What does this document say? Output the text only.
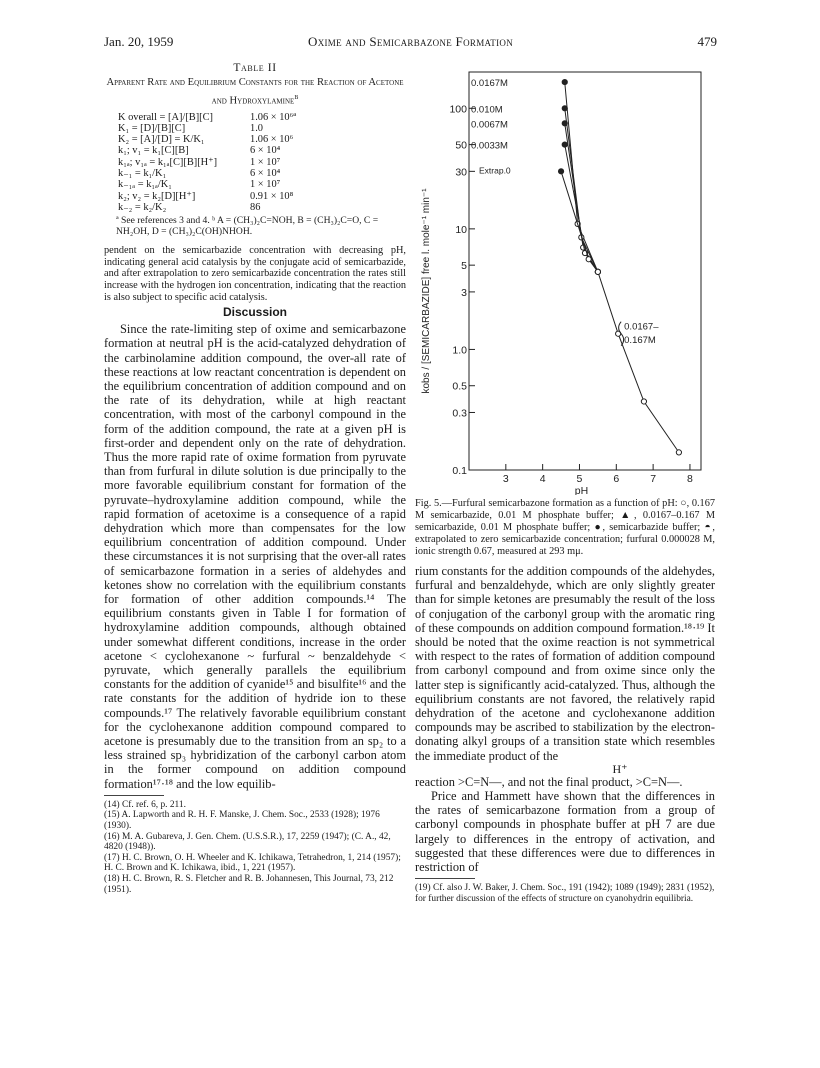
Jan. 20, 1959	Oxime and Semicarbazone Formation	479
Table II
Apparent Rate and Equilibrium Constants for the Reaction of Acetone and Hydroxylamine$^b$
K overall = [A]/[B][C]	1.06 × 10⁶ª
K₁ = [D]/[B][C]	1.0
K₂ = [A]/[D] = K/K₁	1.06 × 10⁶
k₁; v₁ = k₁[C][B]	6 × 10⁴
k₁ₐ; v₁ₐ = k₁ₐ[C][B][H⁺]	1 × 10⁷
k₋₁ = k₁/K₁	6 × 10⁴
k₋₁ₐ = k₁ₐ/K₁	1 × 10⁷
k₂; v₂ = k₂[D][H⁺]	0.91 × 10⁸
k₋₂ = k₂/K₂	86
ª See references 3 and 4. ᵇ A = (CH₃)₂C=NOH, B = (CH₃)₂C=O, C = NH₂OH, D = (CH₃)₂C(OH)NHOH.

pendent on the semicarbazide concentration with decreasing pH, indicating general acid catalysis by the conjugate acid of semicarbazide, and after extrapolation to zero semicarbazide concentration the rates still increase with the hydrogen ion concentration, indicating that the reaction is also subject to specific acid catalysis.

Discussion

Since the rate-limiting step of oxime and semicarbazone formation at neutral pH is the acid-catalyzed dehydration of the carbinolamine addition compound, the over-all rate of these reactions at low reactant concentration is dependent on the equilibrium concentration of addition compound and on the rate of its dehydration, while at high reactant concentration, with most of the carbonyl compound in the form of the addition compound, the rate at a given pH is first-order and dependent only on the rate of dehydration. Thus the more rapid rate of oxime formation from pyruvate than from furfural in dilute solution is due principally to the more favorable equilibrium constant for formation of the pyruvate–hydroxylamine addition compound, while the rapid formation of acetoxime is a consequence of a rapid dehydration which more than compensates for the low equilibrium concentration of addition compound. Under these circumstances it is not surprising that the over-all rates of semicarbazone formation in a series of aldehydes and ketones show no correlation with the equilibrium constants for formation of other addition compounds.¹⁴ The equilibrium constants given in Table I for formation of hydroxylamine addition compounds, although obtained under somewhat different conditions, increase in the order acetone < cyclohexanone ~ furfural ~ benzaldehyde < pyruvate, which generally parallels the equilibrium constants for the addition of cyanide¹⁵ and bisulfite¹⁶ and the rate constants for the addition of hydride ion to these compounds.¹⁷ The relatively favorable equilibrium constant for the cyclohexanone addition compound compared to acetone is presumably due to the transition from an sp₂ to a less strained sp₃ hybridization of the carbonyl carbon atom in the former compound on addition compound formation¹⁷·¹⁸ and the low equilib-

(14) Cf. ref. 6, p. 211.

(15) A. Lapworth and R. H. F. Manske, J. Chem. Soc., 2533 (1928); 1976 (1930).

(16) M. A. Gubareva, J. Gen. Chem. (U.S.S.R.), 17, 2259 (1947); (C. A., 42, 4820 (1948)).

(17) H. C. Brown, O. H. Wheeler and K. Ichikawa, Tetrahedron, 1, 214 (1957); H. C. Brown and K. Ichikawa, ibid., 1, 221 (1957).

(18) H. C. Brown, R. S. Fletcher and R. B. Johannesen, This Journal, 73, 212 (1951).

100
50
30
10
5
3
1.0
0.5
0.3
0.1
3	4	5	6	7	8
pH
kobs / [SEMICARBAZIDE] free l. mole⁻¹ min⁻¹
0.0167M
0.010M
0.0067M
0.0033M
Extrap.0
0.0167–
0.167M

Fig. 5.—Furfural semicarbazone formation as a function of pH: ○, 0.167 M semicarbazide, 0.01 M phosphate buffer; ▲, 0.0167–0.167 M semicarbazide, 0.01 M phosphate buffer; ●, semicarbazide buffer; ◓, extrapolated to zero semicarbazide concentration; furfural 0.000028 M, ionic strength 0.67, measured at 293 mμ.

rium constants for the addition compounds of the aldehydes, furfural and benzaldehyde, which are only slightly greater than for simple ketones are presumably the result of the loss of conjugation of the carbonyl group with the aromatic ring of these compounds on addition compound formation.¹⁸·¹⁹ It should be noted that the oxime reaction is not symmetrical with respect to the rates of formation of addition compound from carbonyl compound and from oxime since only the latter step is significantly acid-catalyzed. Thus, although the equilibrium constants are not favored, the relatively rapid dehydration of the acetone and cyclohexanone addition compounds may be ascribed to stabilization by the electron-donating alkyl groups of a transition state which resembles the immediate product of the

H⁺

reaction >C=N—, and not the final product, >C=N—.

Price and Hammett have shown that the differences in the rates of semicarbazone formation from a group of carbonyl compounds in phosphate buffer at pH 7 are due largely to differences in the entropy of activation, and suggested that these differences were due to differences in restriction of

(19) Cf. also J. W. Baker, J. Chem. Soc., 191 (1942); 1089 (1949); 2831 (1952), for further discussion of the effects of structure on cyanohydrin equilibria.
